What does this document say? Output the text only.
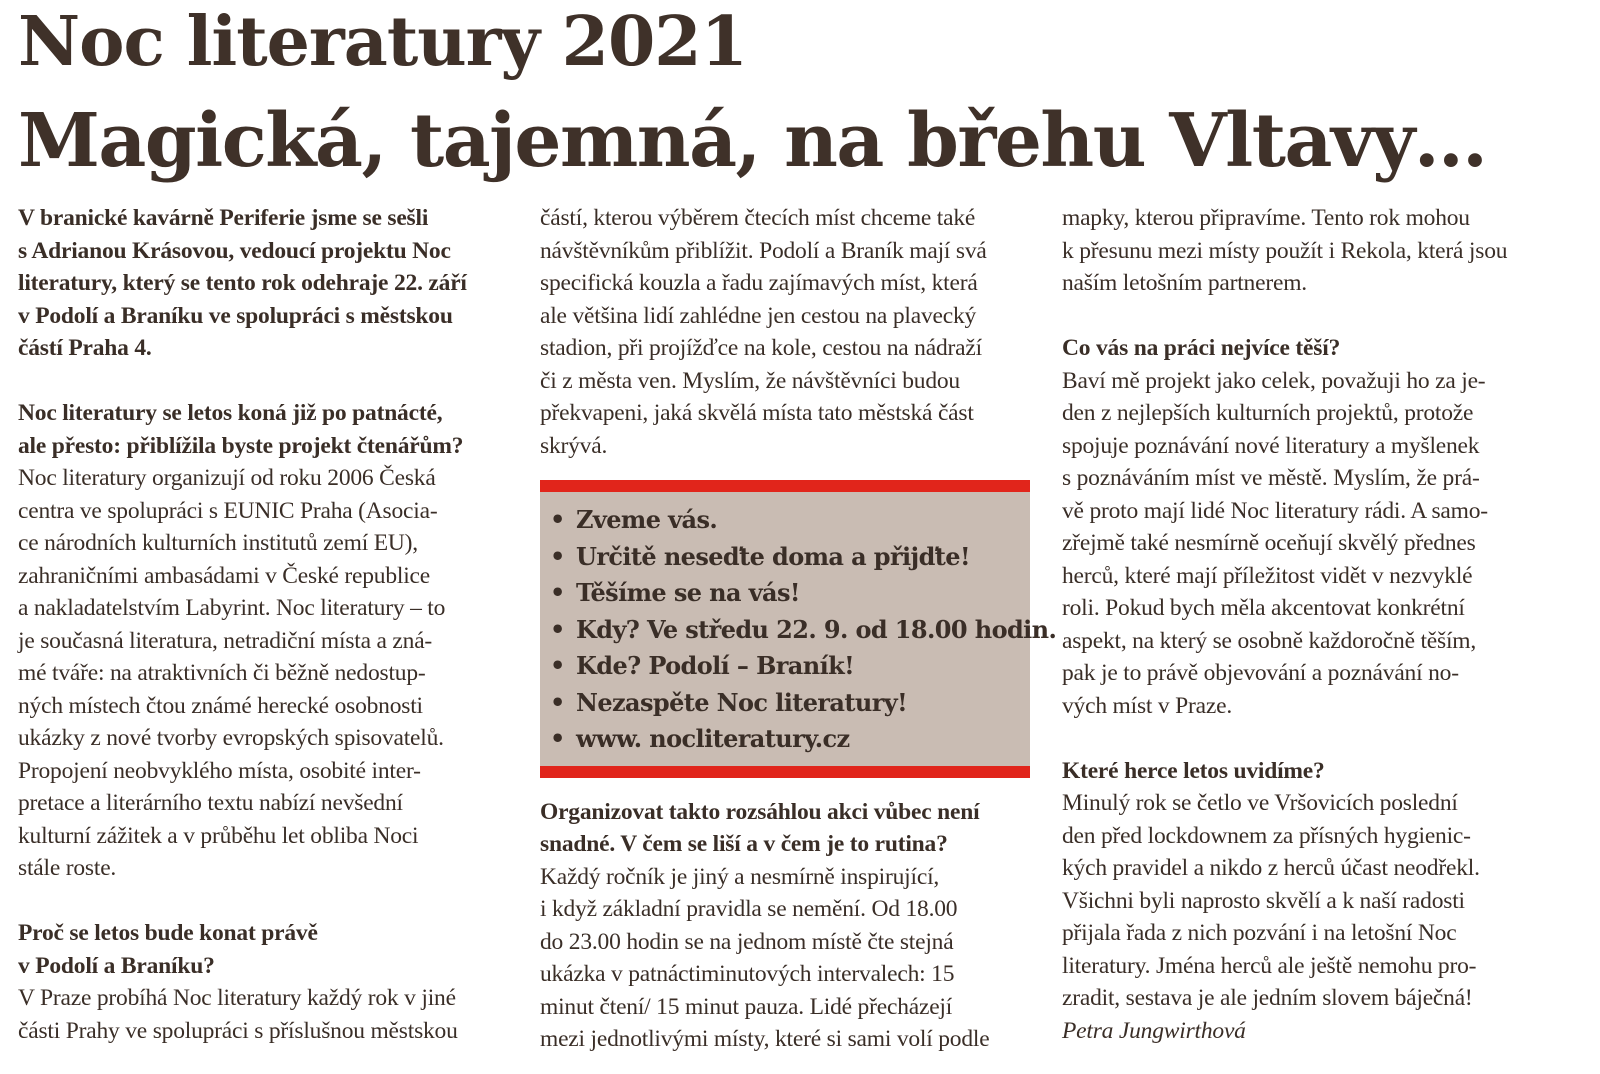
Noc literatury 2021
Magická, tajemná, na břehu Vltavy…
V branické kavárně Periferie jsme se sešli
s Adrianou Krásovou, vedoucí projektu Noc
literatury, který se tento rok odehraje 22. září
v Podolí a Braníku ve spolupráci s městskou
částí Praha 4.
Noc literatury se letos koná již po patnácté,
ale přesto: přiblížila byste projekt čtenářům?
Noc literatury organizují od roku 2006 Česká
centra ve spolupráci s EUNIC Praha (Asocia-
ce národních kulturních institutů zemí EU),
zahraničními ambasádami v České republice
a nakladatelstvím Labyrint. Noc literatury – to
je současná literatura, netradiční místa a zná-
mé tváře: na atraktivních či běžně nedostup-
ných místech čtou známé herecké osobnosti
ukázky z nové tvorby evropských spisovatelů.
Propojení neobvyklého místa, osobité inter-
pretace a literárního textu nabízí nevšední
kulturní zážitek a v průběhu let obliba Noci
stále roste.
Proč se letos bude konat právě
v Podolí a Braníku?
V Praze probíhá Noc literatury každý rok v jiné
části Prahy ve spolupráci s příslušnou městskou
částí, kterou výběrem čtecích míst chceme také
návštěvníkům přiblížit. Podolí a Braník mají svá
specifická kouzla a řadu zajímavých míst, která
ale většina lidí zahlédne jen cestou na plavecký
stadion, při projížďce na kole, cestou na nádraží
či z města ven. Myslím, že návštěvníci budou
překvapeni, jaká skvělá místa tato městská část
skrývá.
• Zveme vás.
• Určitě neseďte doma a přijďte!
• Těšíme se na vás!
• Kdy? Ve středu 22. 9. od 18.00 hodin.
• Kde? Podolí – Braník!
• Nezaspěte Noc literatury!
• www. nocliteratury.cz
Organizovat takto rozsáhlou akci vůbec není
snadné. V čem se liší a v čem je to rutina?
Každý ročník je jiný a nesmírně inspirující,
i když základní pravidla se nemění. Od 18.00
do 23.00 hodin se na jednom místě čte stejná
ukázka v patnáctiminutových intervalech: 15
minut čtení/ 15 minut pauza. Lidé přecházejí
mezi jednotlivými místy, které si sami volí podle
mapky, kterou připravíme. Tento rok mohou
k přesunu mezi místy použít i Rekola, která jsou
naším letošním partnerem.
Co vás na práci nejvíce těší?
Baví mě projekt jako celek, považuji ho za je-
den z nejlepších kulturních projektů, protože
spojuje poznávání nové literatury a myšlenek
s poznáváním míst ve městě. Myslím, že prá-
vě proto mají lidé Noc literatury rádi. A samo-
zřejmě také nesmírně oceňují skvělý přednes
herců, které mají příležitost vidět v nezvyklé
roli. Pokud bych měla akcentovat konkrétní
aspekt, na který se osobně každoročně těším,
pak je to právě objevování a poznávání no-
vých míst v Praze.
Které herce letos uvidíme?
Minulý rok se četlo ve Vršovicích poslední
den před lockdownem za přísných hygienic-
kých pravidel a nikdo z herců účast neodřekl.
Všichni byli naprosto skvělí a k naší radosti
přijala řada z nich pozvání i na letošní Noc
literatury. Jména herců ale ještě nemohu pro-
zradit, sestava je ale jedním slovem báječná!
Petra Jungwirthová
